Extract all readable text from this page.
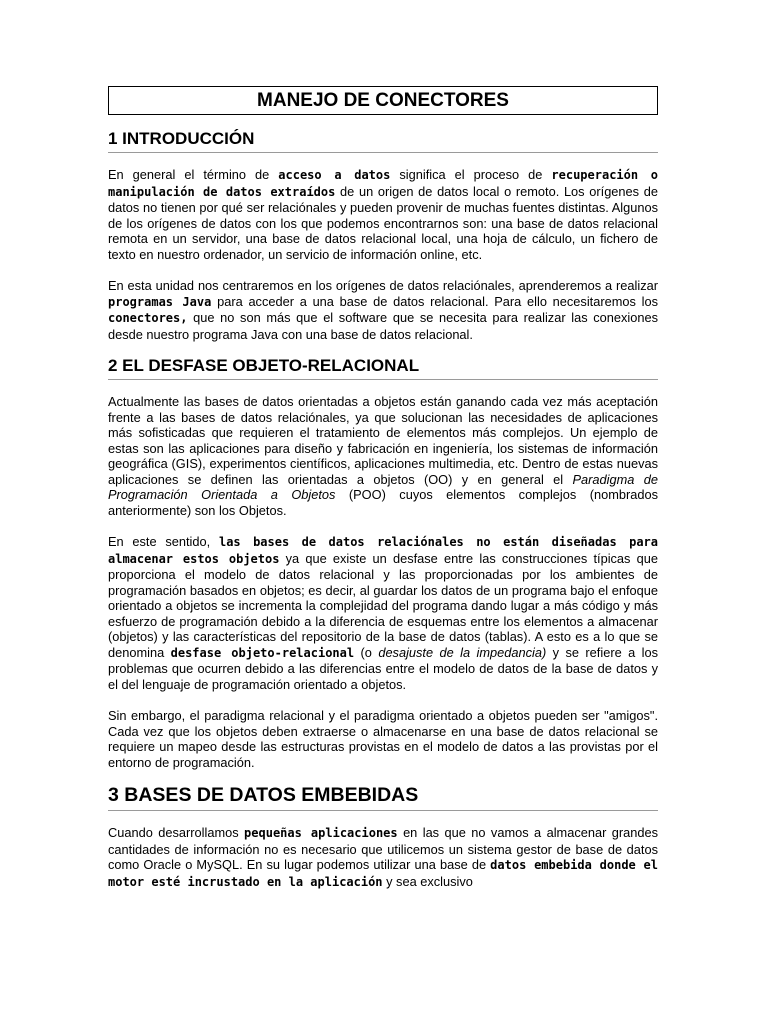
MANEJO DE CONECTORES
1 INTRODUCCIÓN

En general el término de acceso a datos significa el proceso de recuperación o manipulación de datos extraídos de un origen de datos local o remoto. Los orígenes de datos no tienen por qué ser relaciónales y pueden provenir de muchas fuentes distintas. Algunos de los orígenes de datos con los que podemos encontrarnos son: una base de datos relacional remota en un servidor, una base de datos relacional local, una hoja de cálculo, un fichero de texto en nuestro ordenador, un servicio de información online, etc.

En esta unidad nos centraremos en los orígenes de datos relaciónales, aprenderemos a realizar programas Java para acceder a una base de datos relacional. Para ello necesitaremos los conectores, que no son más que el software que se necesita para realizar las conexiones desde nuestro programa Java con una base de datos relacional.

2 EL DESFASE OBJETO-RELACIONAL

Actualmente las bases de datos orientadas a objetos están ganando cada vez más aceptación frente a las bases de datos relaciónales, ya que solucionan las necesidades de aplicaciones más sofisticadas que requieren el tratamiento de elementos más complejos. Un ejemplo de estas son las aplicaciones para diseño y fabricación en ingeniería, los sistemas de información geográfica (GIS), experimentos científicos, aplicaciones multimedia, etc. Dentro de estas nuevas aplicaciones se definen las orientadas a objetos (OO) y en general el Paradigma de Programación Orientada a Objetos (POO) cuyos elementos complejos (nombrados anteriormente) son los Objetos.

En este sentido, las bases de datos relaciónales no están diseñadas para almacenar estos objetos ya que existe un desfase entre las construcciones típicas que proporciona el modelo de datos relacional y las proporcionadas por los ambientes de programación basados en objetos; es decir, al guardar los datos de un programa bajo el enfoque orientado a objetos se incrementa la complejidad del programa dando lugar a más código y más esfuerzo de programación debido a la diferencia de esquemas entre los elementos a almacenar (objetos) y las características del repositorio de la base de datos (tablas). A esto es a lo que se denomina desfase objeto-relacional (o desajuste de la impedancia) y se refiere a los problemas que ocurren debido a las diferencias entre el modelo de datos de la base de datos y el del lenguaje de programación orientado a objetos.

Sin embargo, el paradigma relacional y el paradigma orientado a objetos pueden ser "amigos". Cada vez que los objetos deben extraerse o almacenarse en una base de datos relacional se requiere un mapeo desde las estructuras provistas en el modelo de datos a las provistas por el entorno de programación.

3 BASES DE DATOS EMBEBIDAS

Cuando desarrollamos pequeñas aplicaciones en las que no vamos a almacenar grandes cantidades de información no es necesario que utilicemos un sistema gestor de base de datos como Oracle o MySQL. En su lugar podemos utilizar una base de datos embebida donde el motor esté incrustado en la aplicación y sea exclusivo
